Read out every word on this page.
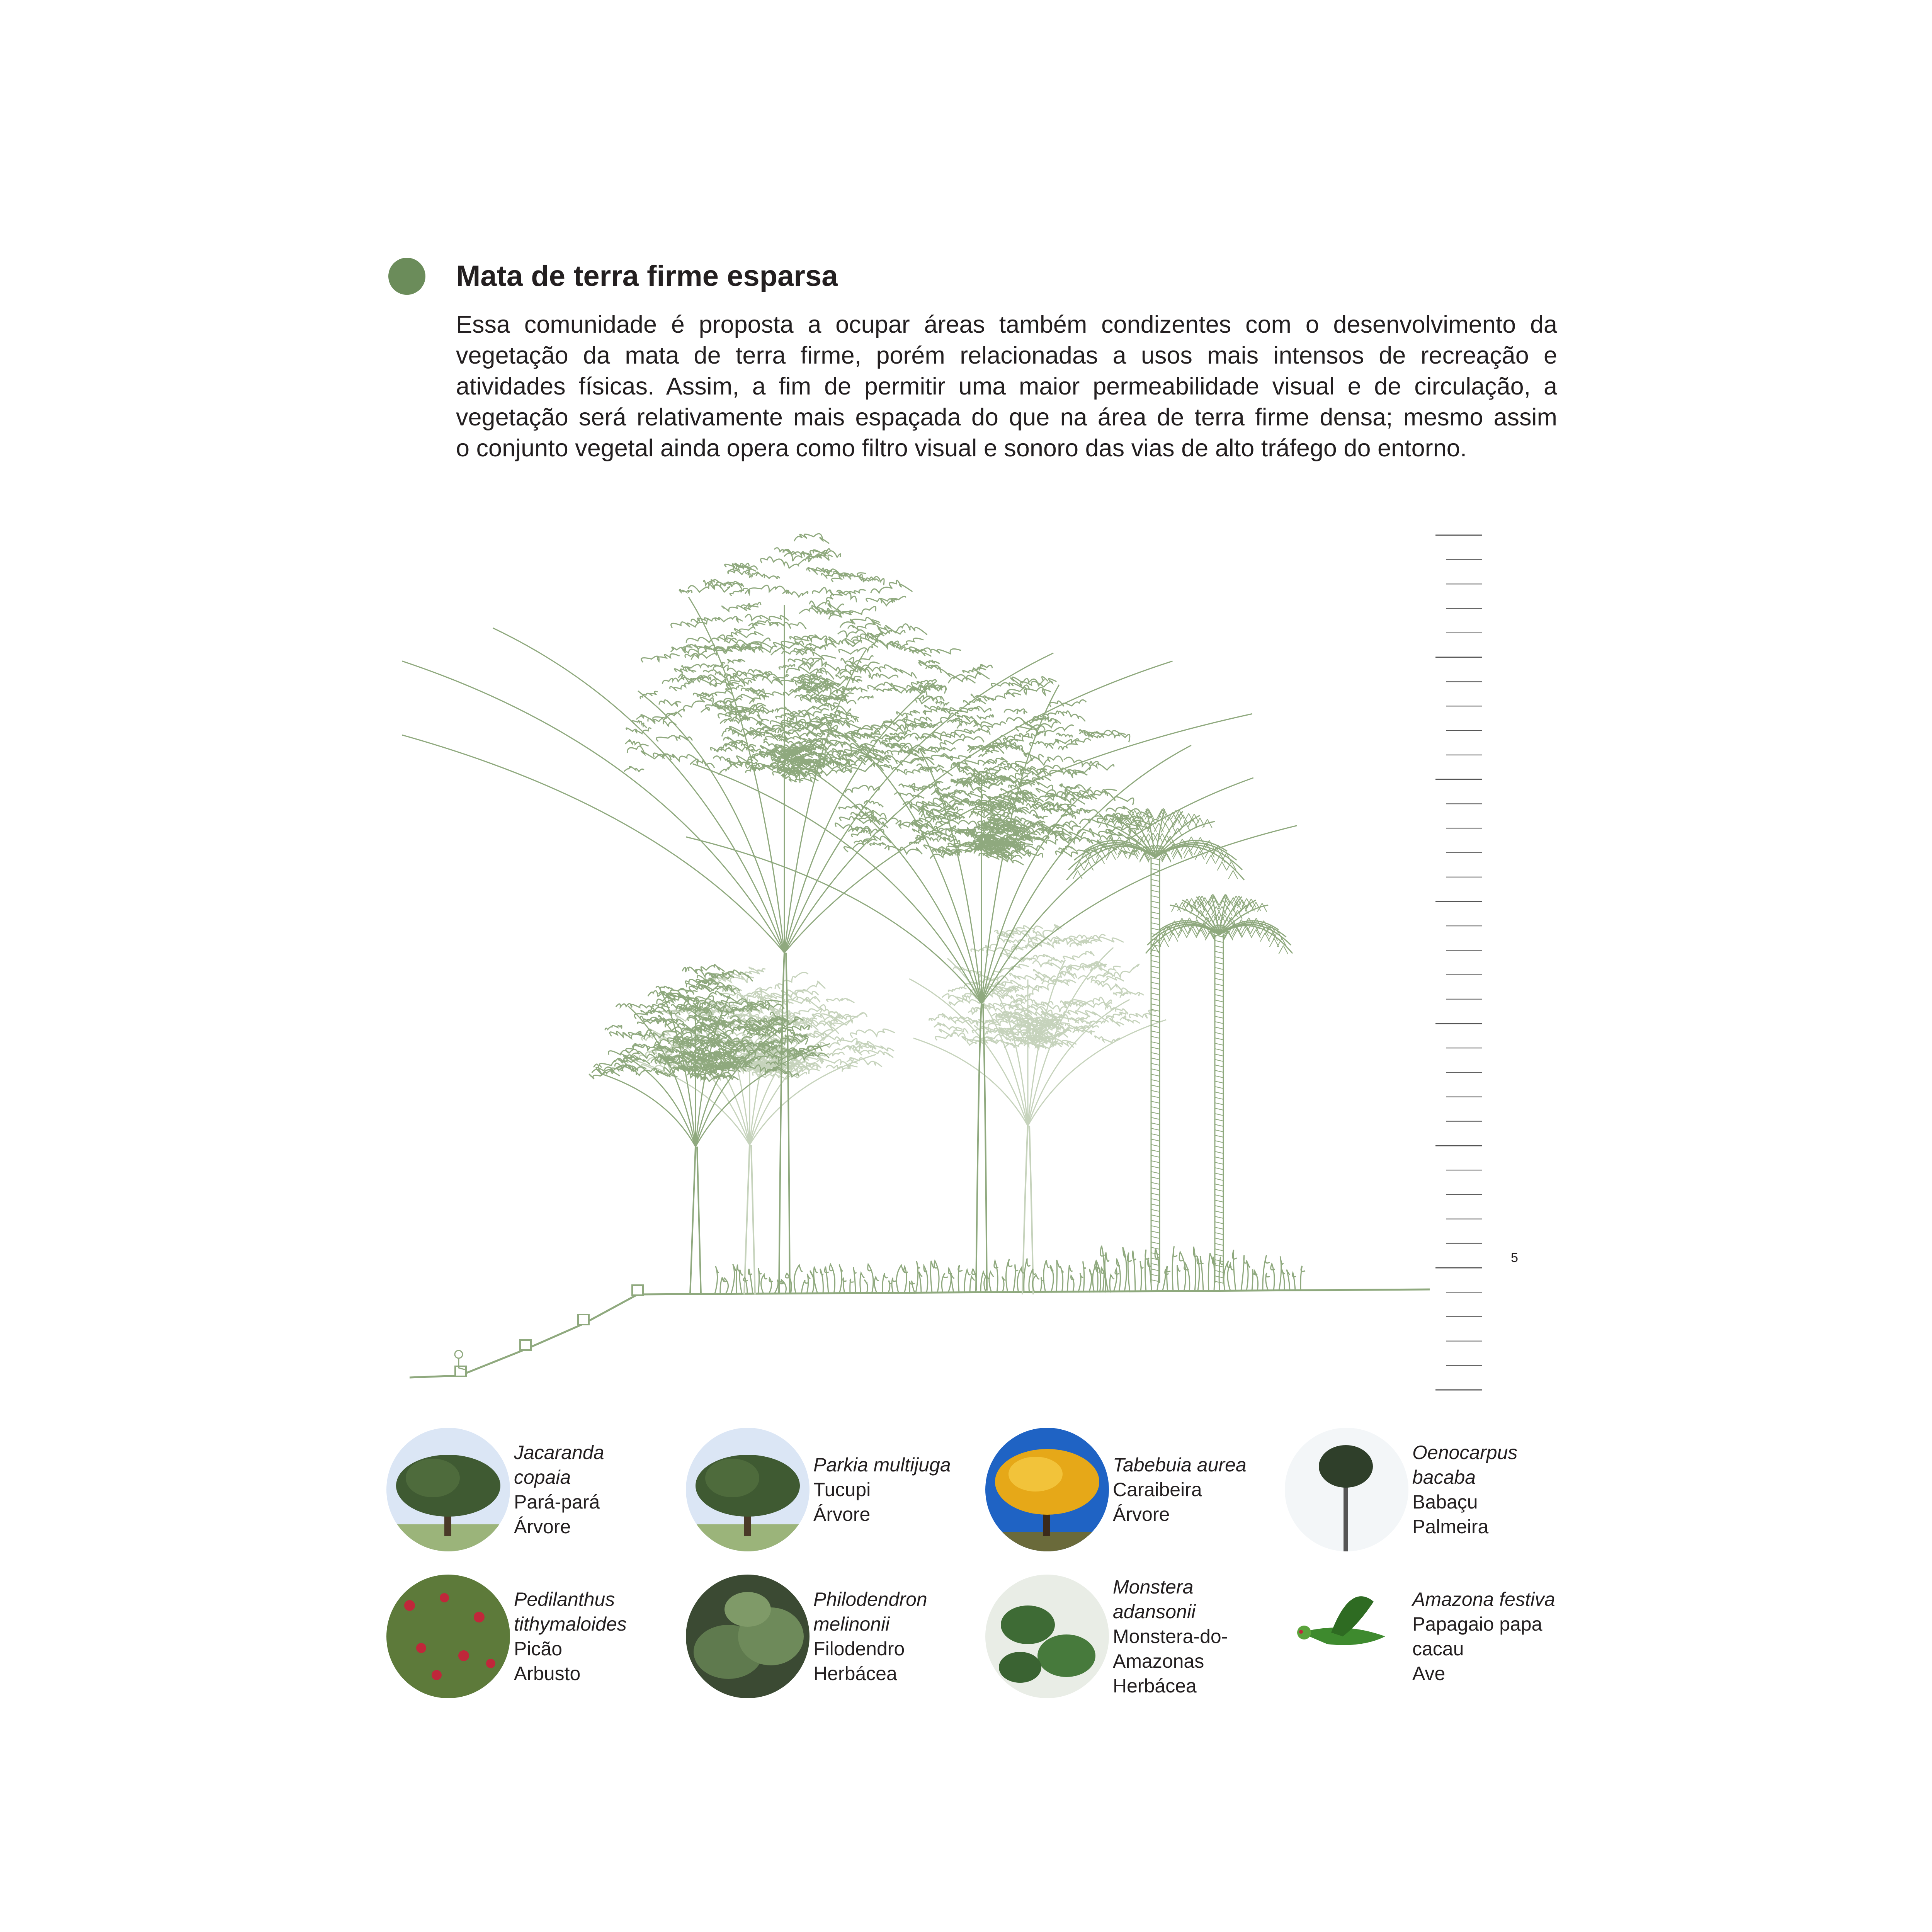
Mata de terra firme esparsa
Essa comunidade é proposta a ocupar áreas também condizentes com o desenvolvimento da
vegetação da mata de terra firme, porém relacionadas a usos mais intensos de recreação e
atividades físicas. Assim, a fim de permitir uma maior permeabilidade visual e de circulação, a
vegetação será relativamente mais espaçada do que na área de terra firme densa; mesmo assim
o conjunto vegetal ainda opera como filtro visual e sonoro das vias de alto tráfego do entorno.
5
Jacaranda
copaia
Pará-pará
Árvore
Parkia multijuga
Tucupi
Árvore
Tabebuia aurea
Caraibeira
Árvore
Oenocarpus
bacaba
Babaçu
Palmeira
Pedilanthus
tithymaloides
Picão
Arbusto
Philodendron
melinonii
Filodendro
Herbácea
Monstera
adansonii
Monstera-do-
Amazonas
Herbácea
Amazona festiva
Papagaio papa
cacau
Ave
